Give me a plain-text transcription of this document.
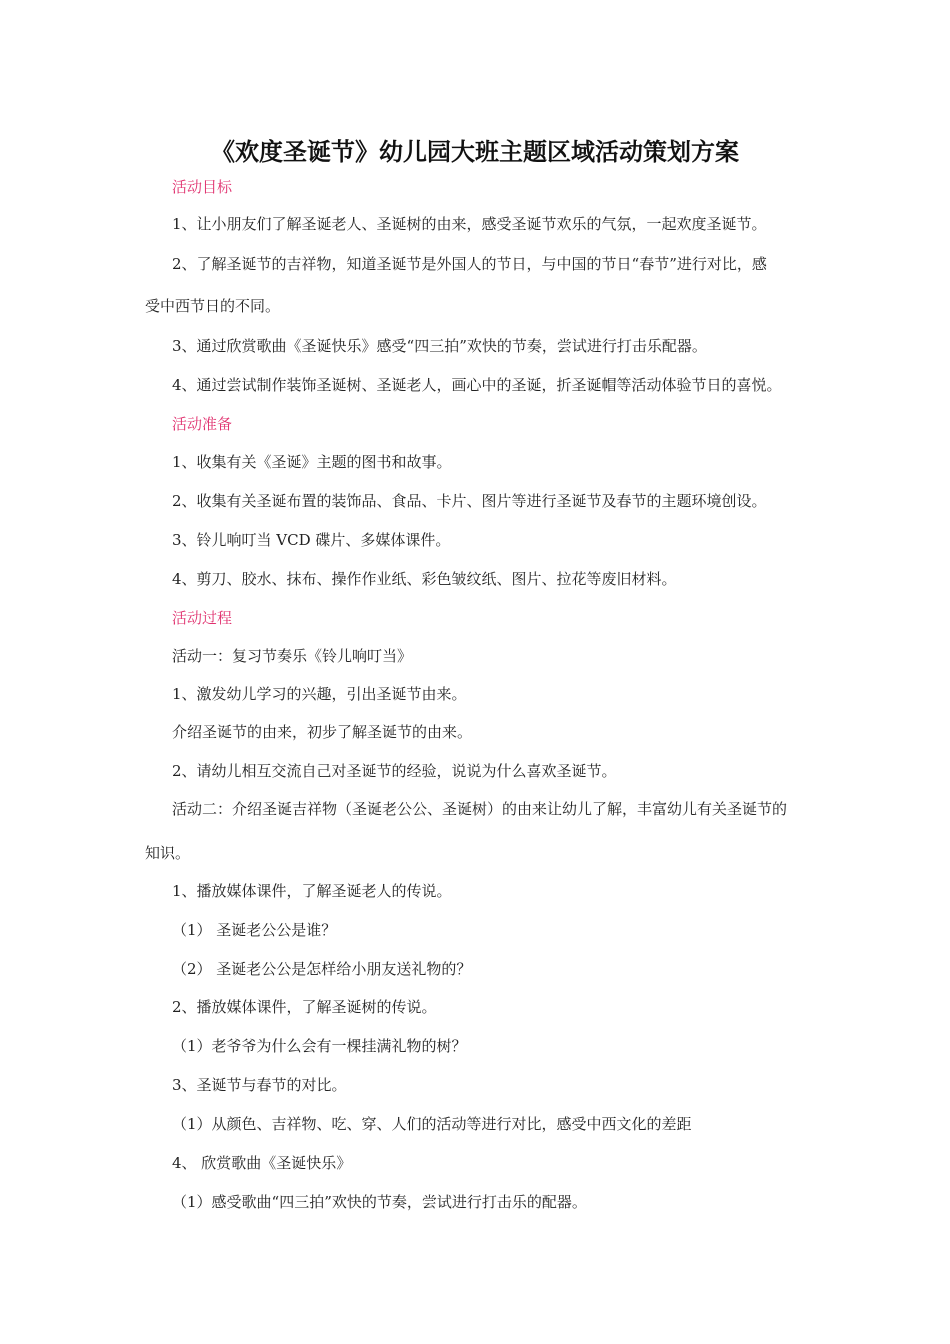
《欢度圣诞节》幼儿园大班主题区域活动策划方案

活动目标

1、让小朋友们了解圣诞老人、圣诞树的由来，感受圣诞节欢乐的气氛，一起欢度圣诞节。

2、了解圣诞节的吉祥物，知道圣诞节是外国人的节日，与中国的节日“春节”进行对比，感

受中西节日的不同。

3、通过欣赏歌曲《圣诞快乐》感受“四三拍”欢快的节奏，尝试进行打击乐配器。

4、通过尝试制作装饰圣诞树、圣诞老人，画心中的圣诞，折圣诞帽等活动体验节日的喜悦。

活动准备

1、收集有关《圣诞》主题的图书和故事。

2、收集有关圣诞布置的装饰品、食品、卡片、图片等进行圣诞节及春节的主题环境创设。

3、铃儿响叮当 VCD 碟片、多媒体课件。

4、剪刀、胶水、抹布、操作作业纸、彩色皱纹纸、图片、拉花等废旧材料。

活动过程

活动一：复习节奏乐《铃儿响叮当》

1、激发幼儿学习的兴趣，引出圣诞节由来。

介绍圣诞节的由来，初步了解圣诞节的由来。

2、请幼儿相互交流自己对圣诞节的经验，说说为什么喜欢圣诞节。

活动二：介绍圣诞吉祥物（圣诞老公公、圣诞树）的由来让幼儿了解，丰富幼儿有关圣诞节的

知识。

1、播放媒体课件，了解圣诞老人的传说。

（1） 圣诞老公公是谁？

（2） 圣诞老公公是怎样给小朋友送礼物的？

2、播放媒体课件，了解圣诞树的传说。

（1）老爷爷为什么会有一棵挂满礼物的树？

3、圣诞节与春节的对比。

（1）从颜色、吉祥物、吃、穿、人们的活动等进行对比，感受中西文化的差距

4、 欣赏歌曲《圣诞快乐》

（1）感受歌曲“四三拍”欢快的节奏，尝试进行打击乐的配器。
